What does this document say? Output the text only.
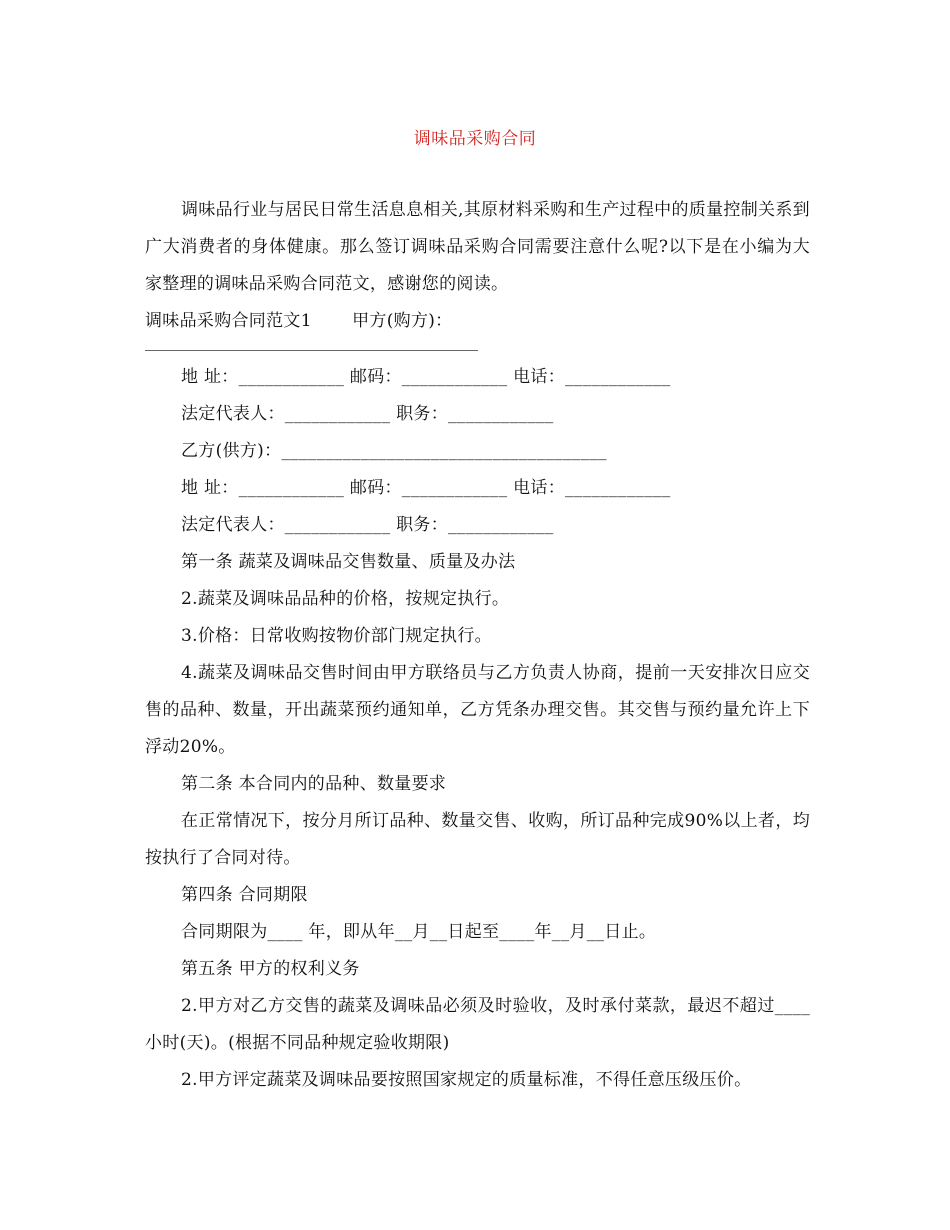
调味品采购合同

调味品行业与居民日常生活息息相关,其原材料采购和生产过程中的质量控制关系到广大消费者的身体健康。那么签订调味品采购合同需要注意什么呢?以下是在小编为大家整理的调味品采购合同范文，感谢您的阅读。

调味品采购合同范文1　　 甲方(购方)：

地 址：____________ 邮码：____________ 电话：____________

法定代表人：____________ 职务：____________

乙方(供方)：_____________________________________

地 址：____________ 邮码：____________ 电话：____________

法定代表人：____________ 职务：____________

第一条 蔬菜及调味品交售数量、质量及办法

2.蔬菜及调味品品种的价格，按规定执行。

3.价格：日常收购按物价部门规定执行。

4.蔬菜及调味品交售时间由甲方联络员与乙方负责人协商，提前一天安排次日应交售的品种、数量，开出蔬菜预约通知单，乙方凭条办理交售。其交售与预约量允许上下浮动20%。

第二条 本合同内的品种、数量要求

在正常情况下，按分月所订品种、数量交售、收购，所订品种完成90%以上者，均按执行了合同对待。

第四条 合同期限

合同期限为____ 年，即从年__月__日起至____年__月__日止。

第五条 甲方的权利义务

2.甲方对乙方交售的蔬菜及调味品必须及时验收，及时承付菜款，最迟不超过____小时(天)。(根据不同品种规定验收期限)

2.甲方评定蔬菜及调味品要按照国家规定的质量标准，不得任意压级压价。
